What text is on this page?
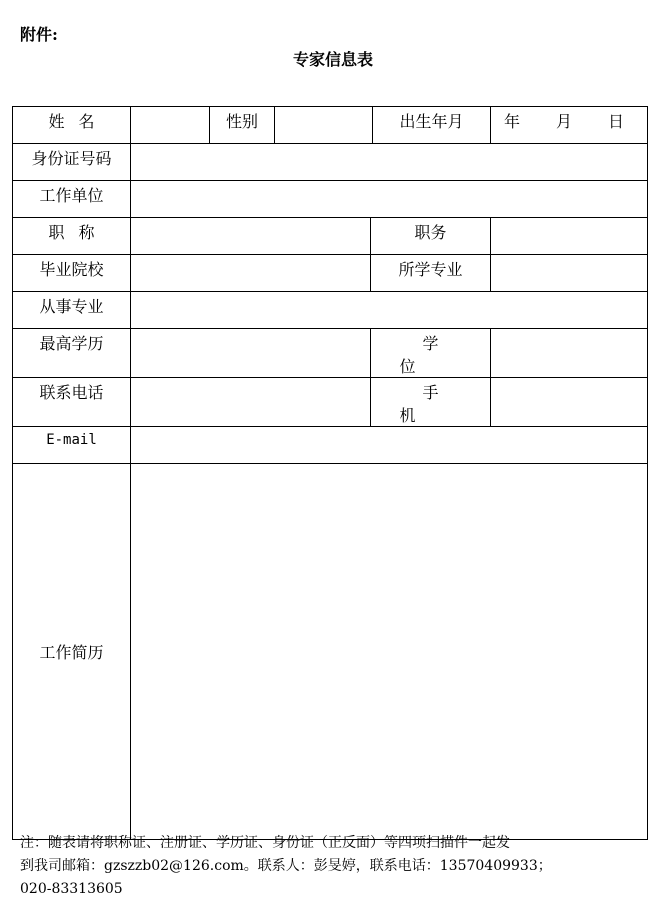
附件:
专家信息表
姓名		性别			出生年月	年　月　日
身份证号码						
工作单位						
职称				职务		
毕业院校				所学专业		
从事专业						
最高学历				学位		
联系电话				手机		
E-mail						
工作简历						
注：随表请将职称证、注册证、学历证、身份证（正反面）等四项扫描件一起发
到我司邮箱：gzszzb02@126.com。联系人：彭旻婷，联系电话：13570409933；
020-83313605
